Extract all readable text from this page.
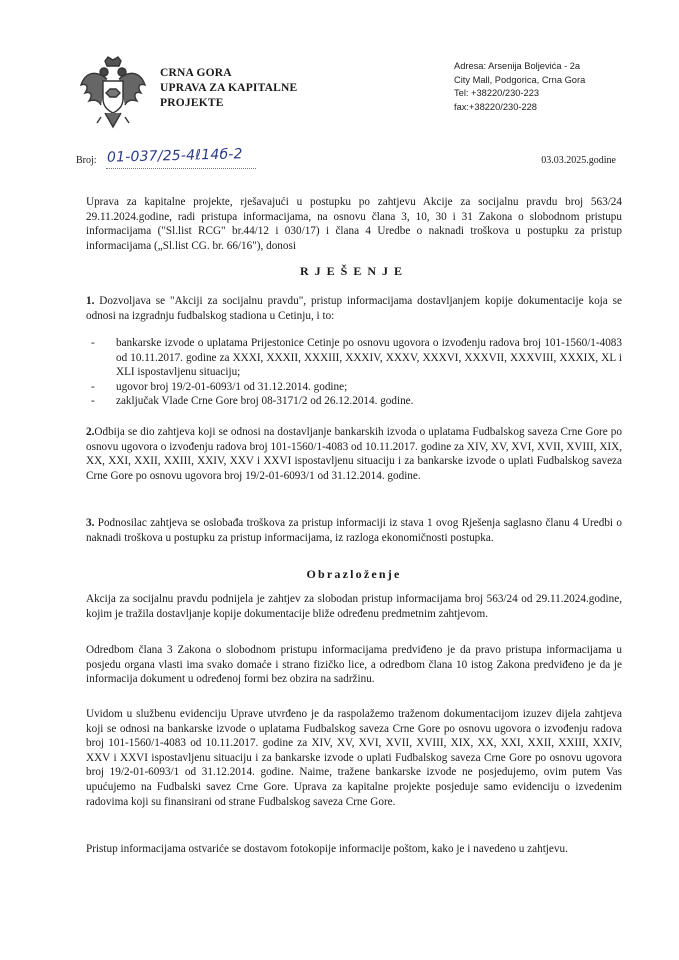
CRNA GORA
UPRAVA ZA KAPITALNE
PROJEKTE
Adresa: Arsenija Boljevića - 2a
City Mall, Podgorica, Crna Gora
Tel: +38220/230-223
fax:+38220/230-228
Broj: 01-037/25-4ℓ14б-2	03.03.2025.godine
Uprava za kapitalne projekte, rješavajući u postupku po zahtjevu Akcije za socijalnu pravdu broj 563/24 29.11.2024.godine, radi pristupa informacijama, na osnovu člana 3, 10, 30 i 31 Zakona o slobodnom pristupu informacijama ("Sl.list RCG" br.44/12 i 030/17) i člana 4 Uredbe o naknadi troškova u postupku za pristup informacijama („Sl.list CG. br. 66/16"), donosi
RJEŠENJE
1. Dozvoljava se "Akciji za socijalnu pravdu", pristup informacijama dostavljanjem kopije dokumentacije koja se odnosi na izgradnju fudbalskog stadiona u Cetinju, i to:
- bankarske izvode o uplatama Prijestonice Cetinje po osnovu ugovora o izvođenju radova broj 101-1560/1-4083 od 10.11.2017. godine za XXXI, XXXII, XXXIII, XXXIV, XXXV, XXXVI, XXXVII, XXXVIII, XXXIX, XL i XLI ispostavljenu situaciju;
- ugovor broj 19/2-01-6093/1 od 31.12.2014. godine;
- zaključak Vlade Crne Gore broj 08-3171/2 od 26.12.2014. godine.
2.Odbija se dio zahtjeva koji se odnosi na dostavljanje bankarskih izvoda o uplatama Fudbalskog saveza Crne Gore po osnovu ugovora o izvođenju radova broj 101-1560/1-4083 od 10.11.2017. godine za XIV, XV, XVI, XVII, XVIII, XIX, XX, XXI, XXII, XXIII, XXIV, XXV i XXVI ispostavljenu situaciju i za bankarske izvode o uplati Fudbalskog saveza Crne Gore po osnovu ugovora broj 19/2-01-6093/1 od 31.12.2014. godine.
3. Podnosilac zahtjeva se oslobađa troškova za pristup informaciji iz stava 1 ovog Rješenja saglasno članu 4 Uredbi o naknadi troškova u postupku za pristup informacijama, iz razloga ekonomičnosti postupka.
Obrazloženje
Akcija za socijalnu pravdu podnijela je zahtjev za slobodan pristup informacijama broj 563/24 od 29.11.2024.godine, kojim je tražila dostavljanje kopije dokumentacije bliže određenu predmetnim zahtjevom.
Odredbom člana 3 Zakona o slobodnom pristupu informacijama predviđeno je da pravo pristupa informacijama u posjedu organa vlasti ima svako domaće i strano fizičko lice, a odredbom člana 10 istog Zakona predviđeno je da je informacija dokument u određenoj formi bez obzira na sadržinu.
Uvidom u službenu evidenciju Uprave utvrđeno je da raspolažemo traženom dokumentacijom izuzev dijela zahtjeva koji se odnosi na bankarske izvode o uplatama Fudbalskog saveza Crne Gore po osnovu ugovora o izvođenju radova broj 101-1560/1-4083 od 10.11.2017. godine za XIV, XV, XVI, XVII, XVIII, XIX, XX, XXI, XXII, XXIII, XXIV, XXV i XXVI ispostavljenu situaciju i za bankarske izvode o uplati Fudbalskog saveza Crne Gore po osnovu ugovora broj 19/2-01-6093/1 od 31.12.2014. godine. Naime, tražene bankarske izvode ne posjedujemo, ovim putem Vas upućujemo na Fudbalski savez Crne Gore. Uprava za kapitalne projekte posjeduje samo evidenciju o izvedenim radovima koji su finansirani od strane Fudbalskog saveza Crne Gore.
Pristup informacijama ostvariće se dostavom fotokopije informacije poštom, kako je i navedeno u zahtjevu.
